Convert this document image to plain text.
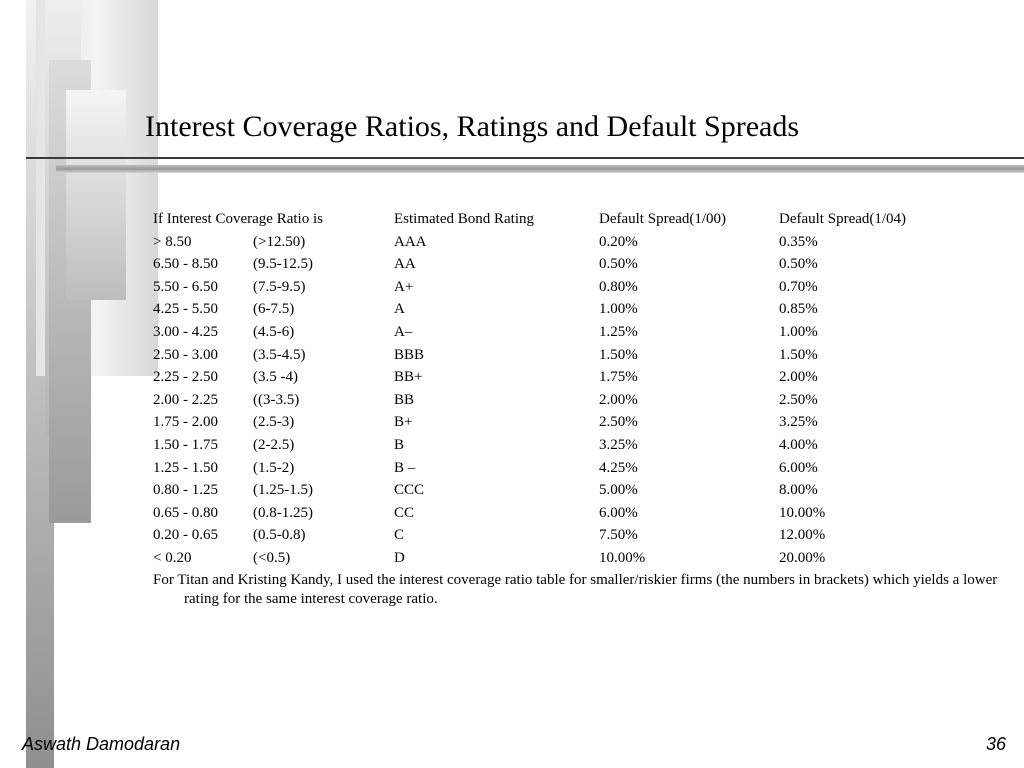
Interest Coverage Ratios, Ratings and Default Spreads
If Interest Coverage Ratio is		Estimated Bond Rating	Default Spread(1/00)	Default Spread(1/04)
> 8.50	(>12.50)	AAA	0.20%	0.35%
6.50 - 8.50	(9.5-12.5)	AA	0.50%	0.50%
5.50 - 6.50	(7.5-9.5)	A+	0.80%	0.70%
4.25 - 5.50	(6-7.5)	A	1.00%	0.85%
3.00 - 4.25	(4.5-6)	A–	1.25%	1.00%
2.50 - 3.00	(3.5-4.5)	BBB	1.50%	1.50%
2.25 - 2.50	(3.5 -4)	BB+	1.75%	2.00%
2.00 - 2.25	((3-3.5)	BB	2.00%	2.50%
1.75 - 2.00	(2.5-3)	B+	2.50%	3.25%
1.50 - 1.75	(2-2.5)	B	3.25%	4.00%
1.25 - 1.50	(1.5-2)	B –	4.25%	6.00%
0.80 - 1.25	(1.25-1.5)	CCC	5.00%	8.00%
0.65 - 0.80	(0.8-1.25)	CC	6.00%	10.00%
0.20 - 0.65	(0.5-0.8)	C	7.50%	12.00%
< 0.20	(<0.5)	D	10.00%	20.00%
For Titan and Kristing Kandy, I used the interest coverage ratio table for smaller/riskier firms (the numbers in brackets) which yields a lower rating for the same interest coverage ratio.
Aswath Damodaran	36
